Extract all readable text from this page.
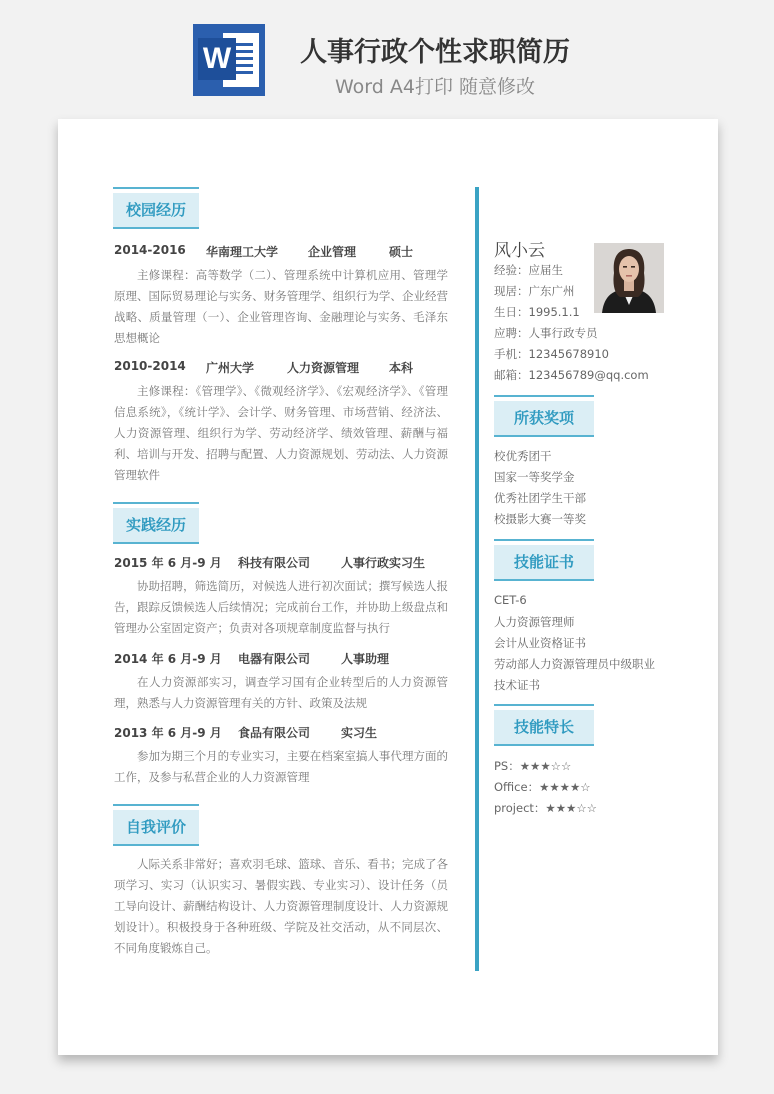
W	人事行政个性求职简历
Word A4打印 随意修改
校园经历
2014-2016 华南理工大学 企业管理	硕士
主修课程：高等数学（二）、管理系统中计算机应用、管理学原理、国际贸易理论与实务、财务管理学、组织行为学、企业经营战略、质量管理（一）、企业管理咨询、金融理论与实务、毛泽东思想概论
2010-2014 广州大学	人力资源管理 本科
主修课程：《管理学》、《微观经济学》、《宏观经济学》、《管理信息系统》，《统计学》、会计学、财务管理、市场营销、经济法、人力资源管理、组织行为学、劳动经济学、绩效管理、薪酬与福利、培训与开发、招聘与配置、人力资源规划、劳动法、人力资源管理软件
实践经历
2015 年 6 月-9 月 科技有限公司	人事行政实习生
协助招聘，筛选简历，对候选人进行初次面试；撰写候选人报告，跟踪反馈候选人后续情况；完成前台工作，并协助上级盘点和管理办公室固定资产；负责对各项规章制度监督与执行
2014 年 6 月-9 月 电器有限公司	人事助理
在人力资源部实习，调查学习国有企业转型后的人力资源管理，熟悉与人力资源管理有关的方针、政策及法规
2013 年 6 月-9 月 食品有限公司	实习生
参加为期三个月的专业实习，主要在档案室搞人事代理方面的工作，及参与私营企业的人力资源管理
自我评价
人际关系非常好；喜欢羽毛球、篮球、音乐、看书；完成了各项学习、实习（认识实习、暑假实践、专业实习）、设计任务（员工导向设计、薪酬结构设计、人力资源管理制度设计、人力资源规划设计）。积极投身于各种班级、学院及社交活动，从不同层次、不同角度锻炼自己。
风小云
经验：应届生
现居：广东广州
生日：1995.1.1
应聘：人事行政专员
手机：12345678910
邮箱：123456789@qq.com
所获奖项
校优秀团干
国家一等奖学金
优秀社团学生干部
校摄影大赛一等奖
技能证书
CET-6
人力资源管理师
会计从业资格证书
劳动部人力资源管理员中级职业
技术证书
技能特长
PS：★★★☆☆
Office：★★★★☆
project：★★★☆☆
